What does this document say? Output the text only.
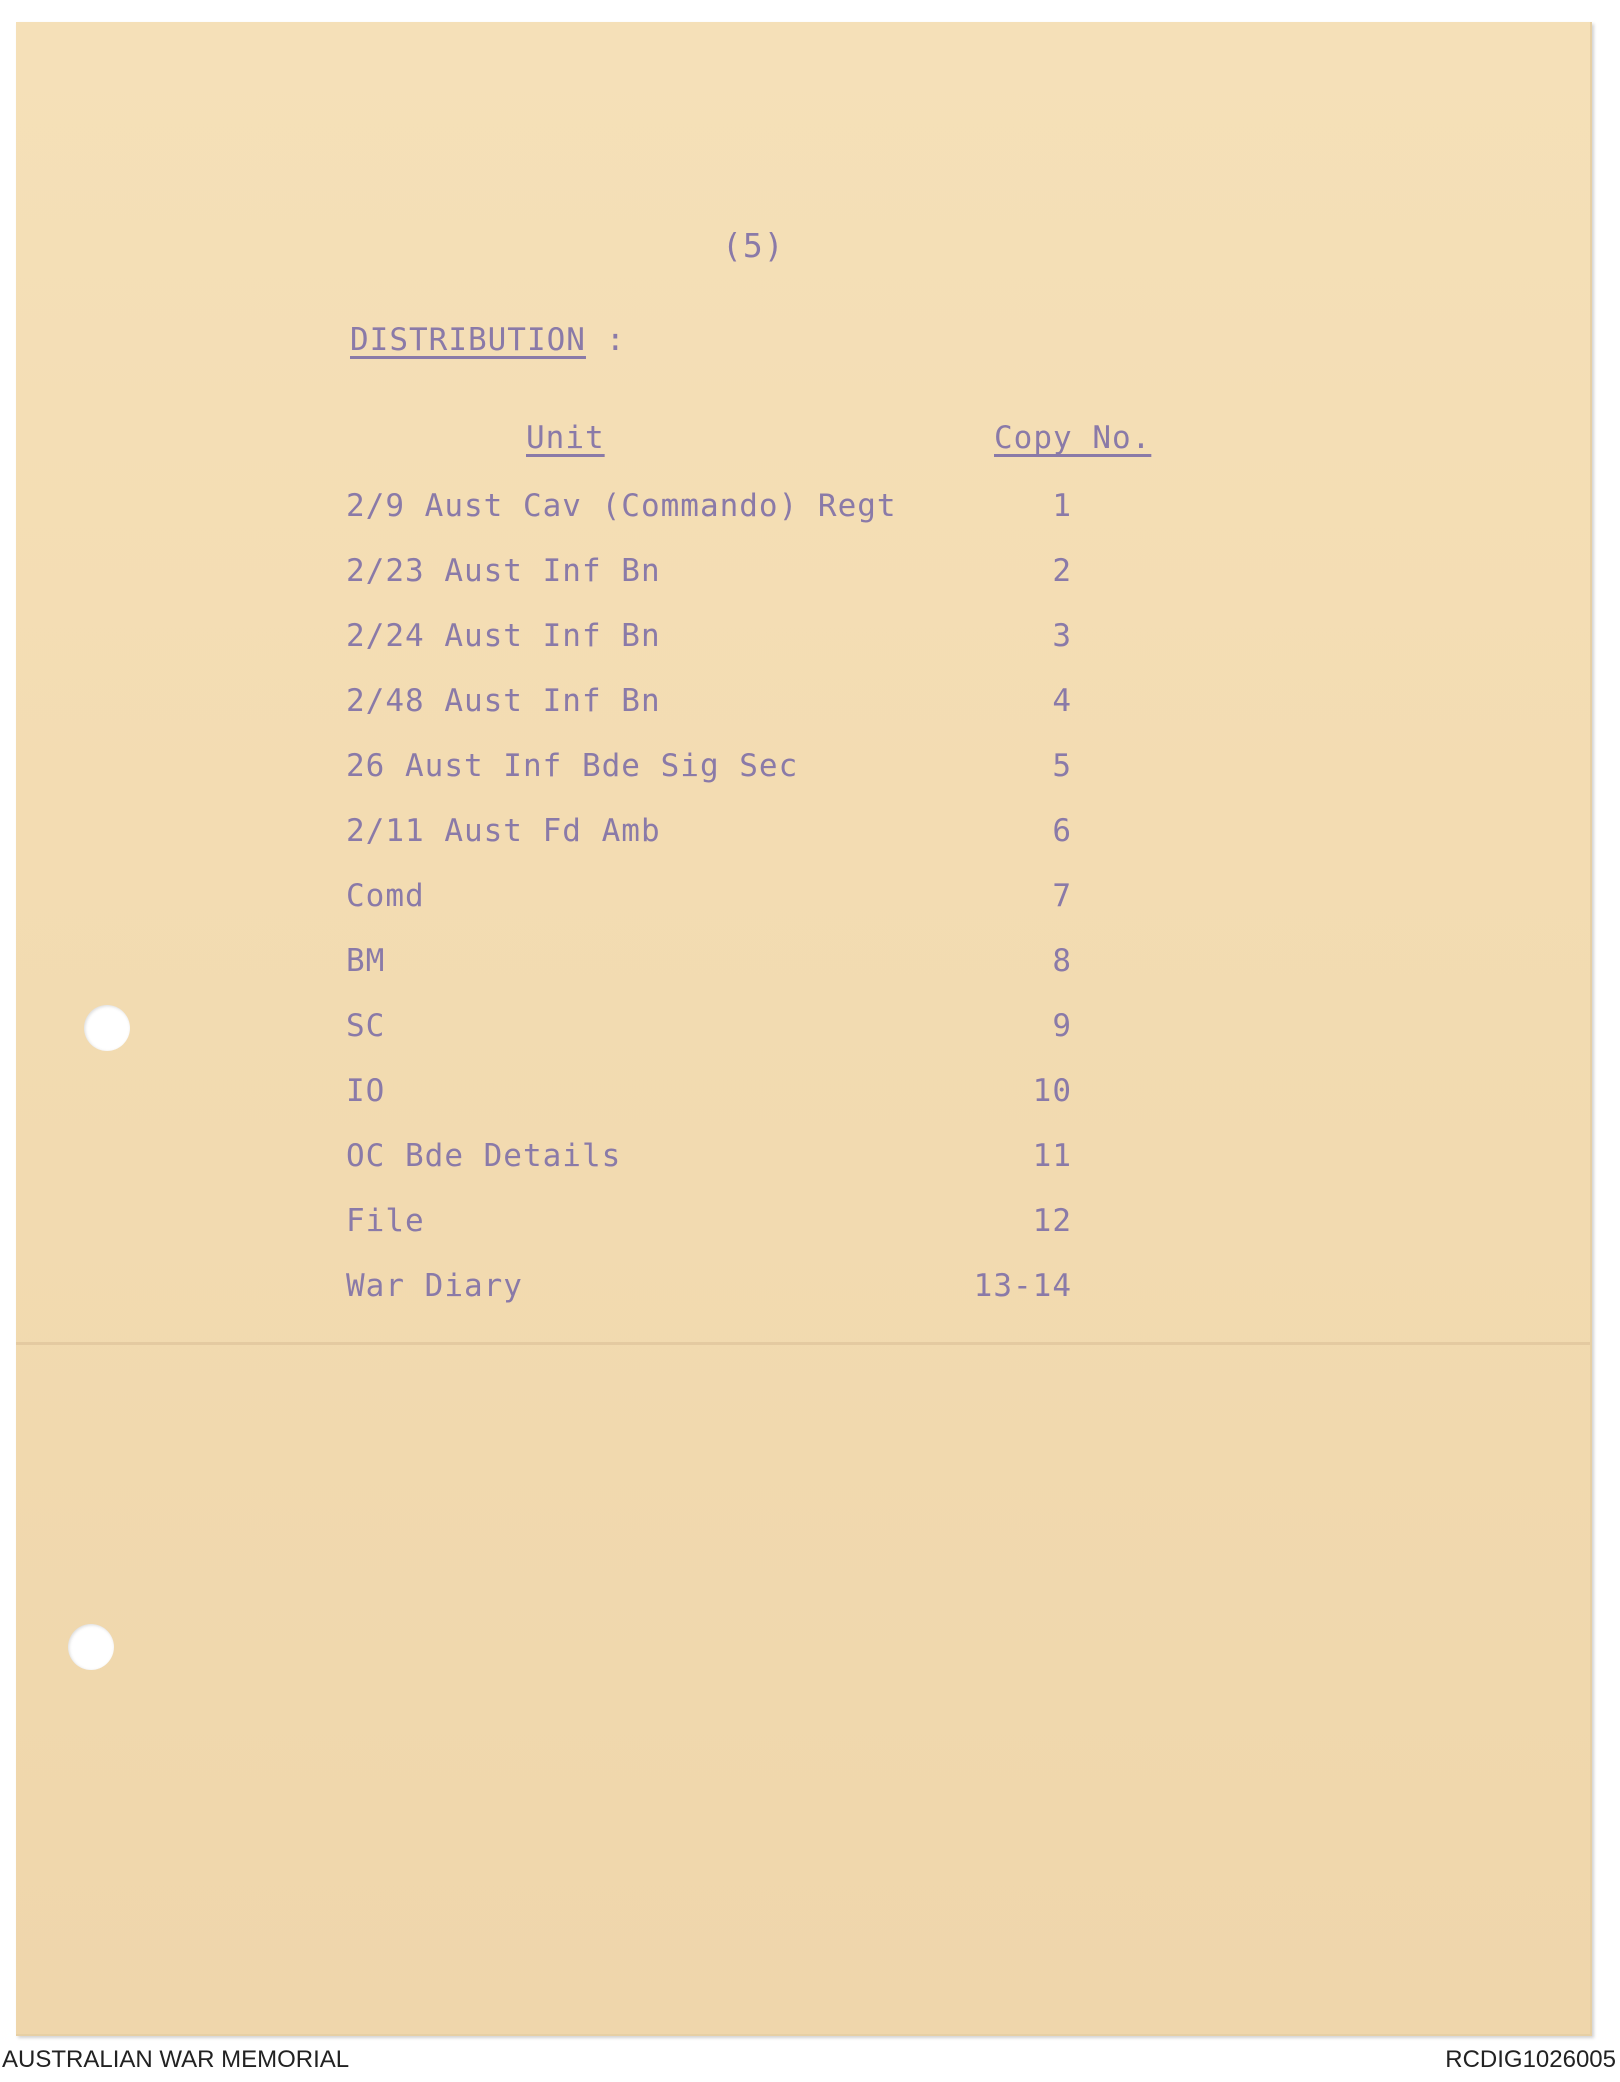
(5)
DISTRIBUTION :
Unit	Copy No.
2/9 Aust Cav (Commando) Regt	1
2/23 Aust Inf Bn	2
2/24 Aust Inf Bn	3
2/48 Aust Inf Bn	4
26 Aust Inf Bde Sig Sec	5
2/11 Aust Fd Amb	6
Comd	7
BM	8
SC	9
IO	10
OC Bde Details	11
File	12
War Diary	13-14
AUSTRALIAN WAR MEMORIAL	RCDIG1026005
